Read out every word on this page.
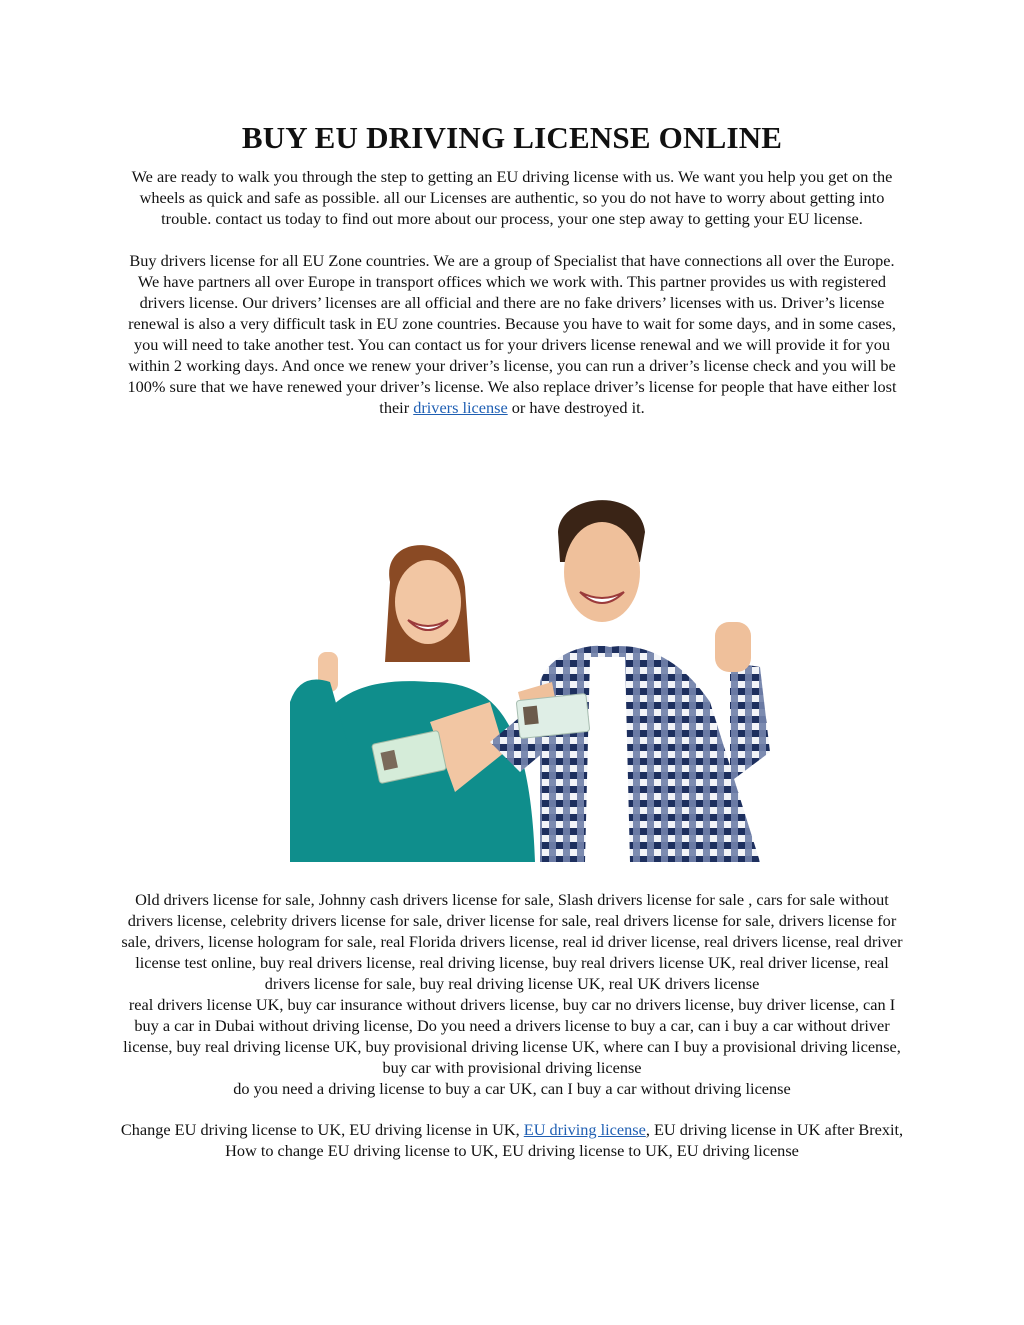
BUY EU DRIVING LICENSE ONLINE

We are ready to walk you through the step to getting an EU driving license with us. We want you help you get on the wheels as quick and safe as possible. all our Licenses are authentic, so you do not have to worry about getting into trouble. contact us today to find out more about our process, your one step away to getting your EU license.

Buy drivers license for all EU Zone countries. We are a group of Specialist that have connections all over the Europe. We have partners all over Europe in transport offices which we work with. This partner provides us with registered drivers license. Our drivers’ licenses are all official and there are no fake drivers’ licenses with us. Driver’s license renewal is also a very difficult task in EU zone countries. Because you have to wait for some days, and in some cases, you will need to take another test. You can contact us for your drivers license renewal and we will provide it for you within 2 working days. And once we renew your driver’s license, you can run a driver’s license check and you will be 100% sure that we have renewed your driver’s license. We also replace driver’s license for people that have either lost their drivers license or have destroyed it.

Old drivers license for sale, Johnny cash drivers license for sale, Slash drivers license for sale , cars for sale without drivers license, celebrity drivers license for sale, driver license for sale, real drivers license for sale, drivers license for sale, drivers, license hologram for sale, real Florida drivers license, real id driver license, real drivers license, real driver license test online, buy real drivers license, real driving license, buy real drivers license UK, real driver license, real drivers license for sale, buy real driving license UK, real UK drivers license

real drivers license UK, buy car insurance without drivers license, buy car no drivers license, buy driver license, can I buy a car in Dubai without driving license, Do you need a drivers license to buy a car, can i buy a car without driver license, buy real driving license UK, buy provisional driving license UK, where can I buy a provisional driving license, buy car with provisional driving license

do you need a driving license to buy a car UK, can I buy a car without driving license

Change EU driving license to UK, EU driving license in UK, EU driving license, EU driving license in UK after Brexit, How to change EU driving license to UK, EU driving license to UK, EU driving license
